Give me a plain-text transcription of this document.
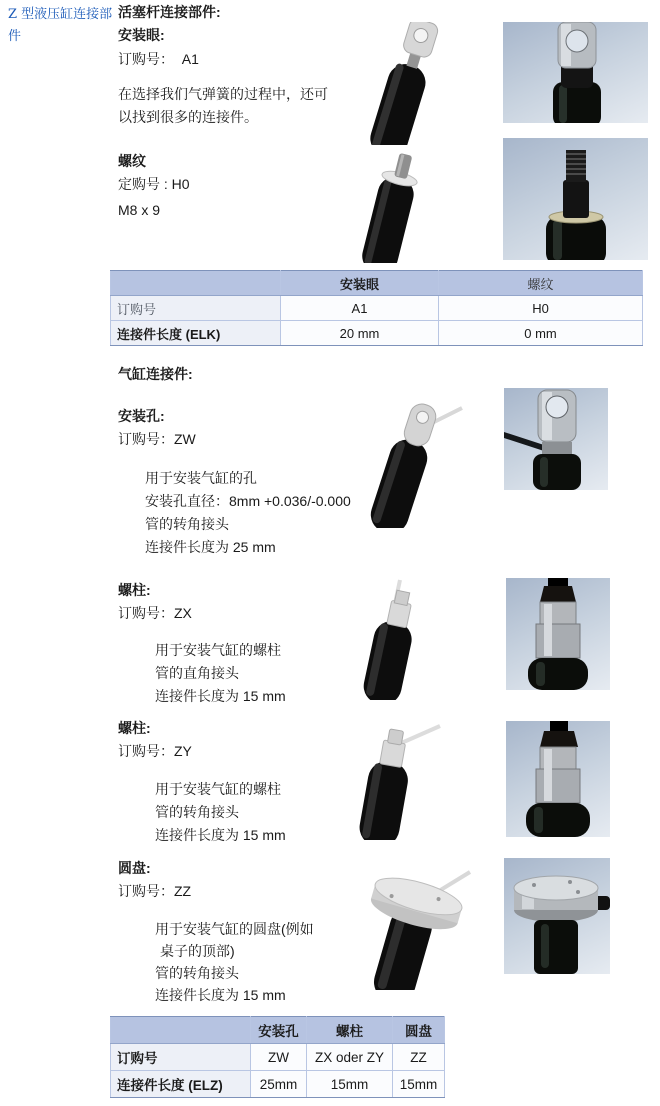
Z 型液压缸连接部件
活塞杆连接部件:
安装眼:
订购号：  A1
在选择我们气弹簧的过程中，还可
以找到很多的连接件。
螺纹
定购号 : H0
M8 x 9
	安装眼	螺纹
订购号	A1	H0
连接件长度 (ELK)	20 mm	0 mm
气缸连接件:
安装孔:
订购号：ZW
用于安装气缸的孔
安装孔直径：8mm +0.036/-0.000
管的转角接头
连接件长度为 25 mm
螺柱:
订购号：ZX
用于安装气缸的螺柱
管的直角接头
连接件长度为 15 mm
螺柱:
订购号：ZY
用于安装气缸的螺柱
管的转角接头
连接件长度为 15 mm
圆盘:
订购号：ZZ
用于安装气缸的圆盘(例如
桌子的顶部)
管的转角接头
连接件长度为 15 mm
	安装孔	螺柱	圆盘
订购号	ZW	ZX oder ZY	ZZ
连接件长度 (ELZ)	25mm	15mm	15mm
